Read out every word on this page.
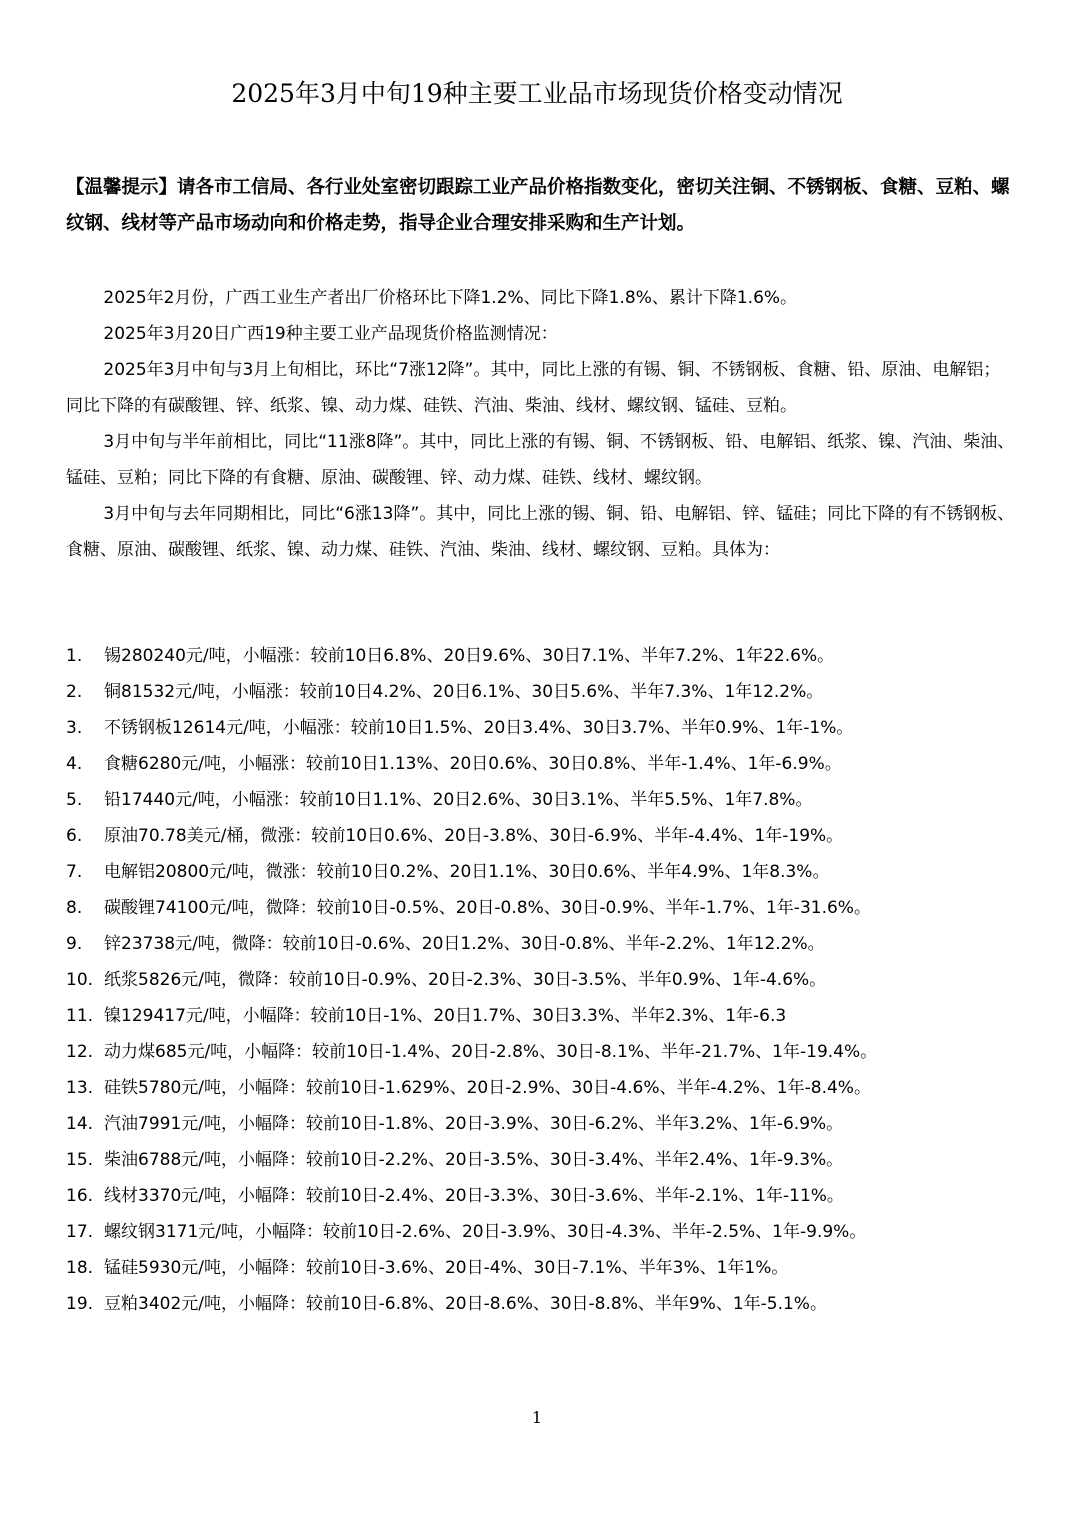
2025年3月中旬19种主要工业品市场现货价格变动情况

【温馨提示】请各市工信局、各行业处室密切跟踪工业产品价格指数变化，密切关注铜、不锈钢板、食糖、豆粕、螺纹钢、线材等产品市场动向和价格走势，指导企业合理安排采购和生产计划。

2025年2月份，广西工业生产者出厂价格环比下降1.2%、同比下降1.8%、累计下降1.6%。

2025年3月20日广西19种主要工业产品现货价格监测情况：

2025年3月中旬与3月上旬相比，环比“7涨12降”。其中，同比上涨的有锡、铜、不锈钢板、食糖、铅、原油、电解铝；同比下降的有碳酸锂、锌、纸浆、镍、动力煤、硅铁、汽油、柴油、线材、螺纹钢、锰硅、豆粕。

3月中旬与半年前相比，同比“11涨8降”。其中，同比上涨的有锡、铜、不锈钢板、铅、电解铝、纸浆、镍、汽油、柴油、锰硅、豆粕；同比下降的有食糖、原油、碳酸锂、锌、动力煤、硅铁、线材、螺纹钢。

3月中旬与去年同期相比，同比“6涨13降”。其中，同比上涨的锡、铜、铅、电解铝、锌、锰硅；同比下降的有不锈钢板、食糖、原油、碳酸锂、纸浆、镍、动力煤、硅铁、汽油、柴油、线材、螺纹钢、豆粕。具体为：

1. 锡280240元/吨，小幅涨：较前10日6.8%、20日9.6%、30日7.1%、半年7.2%、1年22.6%。
2. 铜81532元/吨，小幅涨：较前10日4.2%、20日6.1%、30日5.6%、半年7.3%、1年12.2%。
3. 不锈钢板12614元/吨，小幅涨：较前10日1.5%、20日3.4%、30日3.7%、半年0.9%、1年-1%。
4. 食糖6280元/吨，小幅涨：较前10日1.13%、20日0.6%、30日0.8%、半年-1.4%、1年-6.9%。
5. 铅17440元/吨，小幅涨：较前10日1.1%、20日2.6%、30日3.1%、半年5.5%、1年7.8%。
6. 原油70.78美元/桶，微涨：较前10日0.6%、20日-3.8%、30日-6.9%、半年-4.4%、1年-19%。
7. 电解铝20800元/吨，微涨：较前10日0.2%、20日1.1%、30日0.6%、半年4.9%、1年8.3%。
8. 碳酸锂74100元/吨，微降：较前10日-0.5%、20日-0.8%、30日-0.9%、半年-1.7%、1年-31.6%。
9. 锌23738元/吨，微降：较前10日-0.6%、20日1.2%、30日-0.8%、半年-2.2%、1年12.2%。
10. 纸浆5826元/吨，微降：较前10日-0.9%、20日-2.3%、30日-3.5%、半年0.9%、1年-4.6%。
11. 镍129417元/吨，小幅降：较前10日-1%、20日1.7%、30日3.3%、半年2.3%、1年-6.3
12. 动力煤685元/吨，小幅降：较前10日-1.4%、20日-2.8%、30日-8.1%、半年-21.7%、1年-19.4%。
13. 硅铁5780元/吨，小幅降：较前10日-1.629%、20日-2.9%、30日-4.6%、半年-4.2%、1年-8.4%。
14. 汽油7991元/吨，小幅降：较前10日-1.8%、20日-3.9%、30日-6.2%、半年3.2%、1年-6.9%。
15. 柴油6788元/吨，小幅降：较前10日-2.2%、20日-3.5%、30日-3.4%、半年2.4%、1年-9.3%。
16. 线材3370元/吨，小幅降：较前10日-2.4%、20日-3.3%、30日-3.6%、半年-2.1%、1年-11%。
17. 螺纹钢3171元/吨，小幅降：较前10日-2.6%、20日-3.9%、30日-4.3%、半年-2.5%、1年-9.9%。
18. 锰硅5930元/吨，小幅降：较前10日-3.6%、20日-4%、30日-7.1%、半年3%、1年1%。
19. 豆粕3402元/吨，小幅降：较前10日-6.8%、20日-8.6%、30日-8.8%、半年9%、1年-5.1%。
1
